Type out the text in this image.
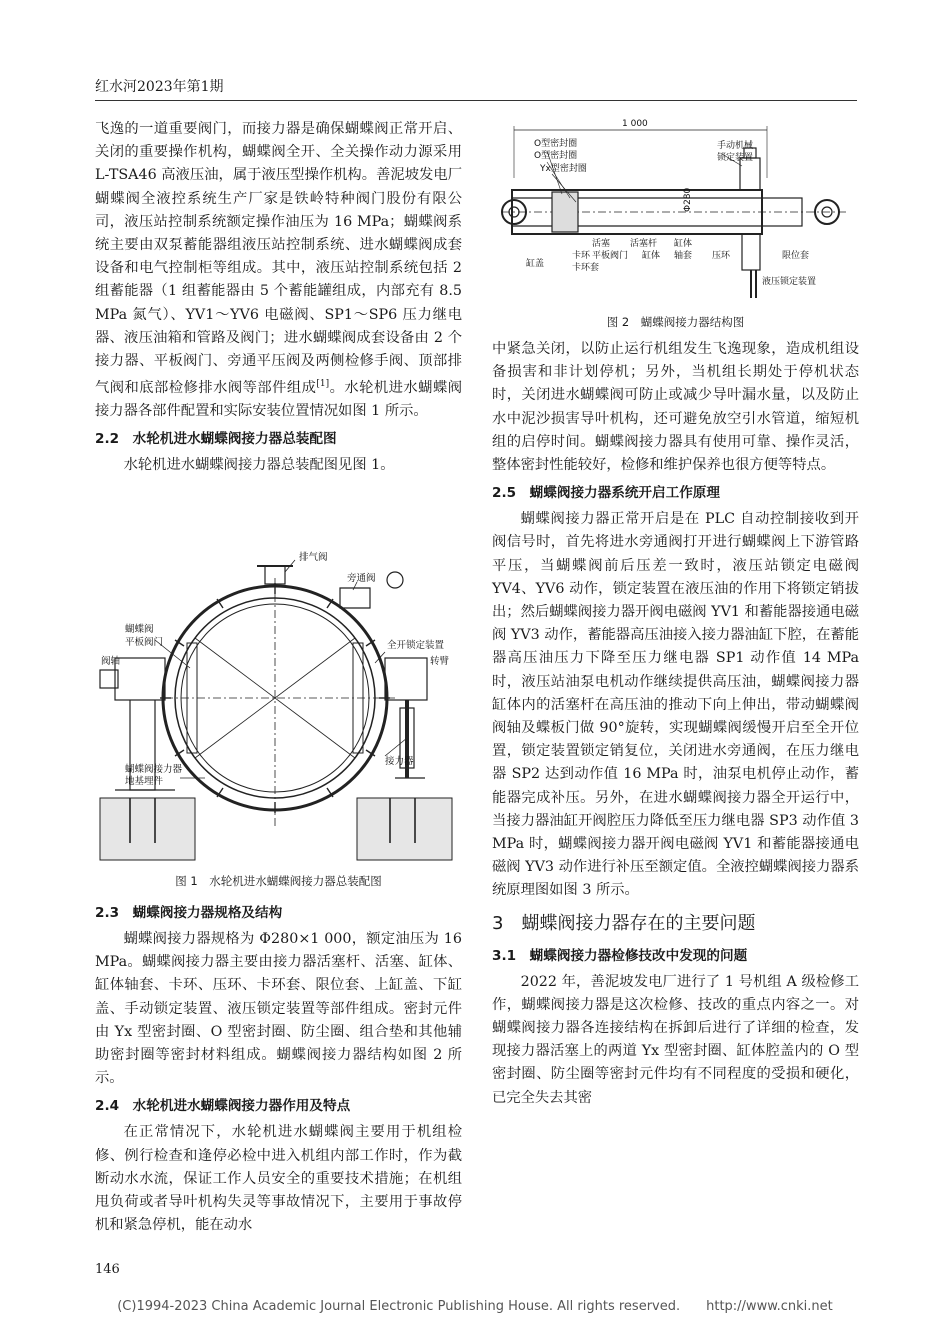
红水河2023年第1期

飞逸的一道重要阀门，而接力器是确保蝴蝶阀正常开启、关闭的重要操作机构，蝴蝶阀全开、全关操作动力源采用 L-TSA46 高液压油，属于液压型操作机构。善泥坡发电厂蝴蝶阀全液控系统生产厂家是铁岭特种阀门股份有限公司，液压站控制系统额定操作油压为 16 MPa；蝴蝶阀系统主要由双泵蓄能器组液压站控制系统、进水蝴蝶阀成套设备和电气控制柜等组成。其中，液压站控制系统包括 2 组蓄能器（1 组蓄能器由 5 个蓄能罐组成，内部充有 8.5 MPa 氮气）、YV1～YV6 电磁阀、SP1～SP6 压力继电器、液压油箱和管路及阀门；进水蝴蝶阀成套设备由 2 个接力器、平板阀门、旁通平压阀及两侧检修手阀、顶部排气阀和底部检修排水阀等部件组成[1]。水轮机进水蝴蝶阀接力器各部件配置和实际安装位置情况如图 1 所示。

2.2　水轮机进水蝴蝶阀接力器总装配图

水轮机进水蝴蝶阀接力器总装配图见图 1。

排气阀
旁通阀
蝴蝶阀
平板阀门
阀轴
全开锁定装置
转臂
接力器
蝴蝶阀接力器
地基埋件
图 1　水轮机进水蝴蝶阀接力器总装配图
2.3　蝴蝶阀接力器规格及结构

蝴蝶阀接力器规格为 Φ280×1 000，额定油压为 16 MPa。蝴蝶阀接力器主要由接力器活塞杆、活塞、缸体、缸体轴套、卡环、压环、卡环套、限位套、上缸盖、下缸盖、手动锁定装置、液压锁定装置等部件组成。密封元件由 Yx 型密封圈、O 型密封圈、防尘圈、组合垫和其他辅助密封圈等密封材料组成。蝴蝶阀接力器结构如图 2 所示。

2.4　水轮机进水蝴蝶阀接力器作用及特点

在正常情况下，水轮机进水蝴蝶阀主要用于机组检修、例行检查和逢停必检中进入机组内部工作时，作为截断动水水流，保证工作人员安全的重要技术措施；在机组甩负荷或者导叶机构失灵等事故情况下，主要用于事故停机和紧急停机，能在动水

1 000
O型密封圈
O型密封圈
Yx型密封圈
手动机械
锁定装置
Φ280
活塞 活塞杆 缸体
轴套
平板阀门
缸盖
卡环
卡环套
缸体	压环	限位套
液压锁定装置
图 2　蝴蝶阀接力器结构图

中紧急关闭，以防止运行机组发生飞逸现象，造成机组设备损害和非计划停机；另外，当机组长期处于停机状态时，关闭进水蝴蝶阀可防止或减少导叶漏水量，以及防止水中泥沙损害导叶机构，还可避免放空引水管道，缩短机组的启停时间。蝴蝶阀接力器具有使用可靠、操作灵活，整体密封性能较好，检修和维护保养也很方便等特点。

2.5　蝴蝶阀接力器系统开启工作原理

蝴蝶阀接力器正常开启是在 PLC 自动控制接收到开阀信号时，首先将进水旁通阀打开进行蝴蝶阀上下游管路平压，当蝴蝶阀前后压差一致时，液压站锁定电磁阀 YV4、YV6 动作，锁定装置在液压油的作用下将锁定销拔出；然后蝴蝶阀接力器开阀电磁阀 YV1 和蓄能器接通电磁阀 YV3 动作，蓄能器高压油接入接力器油缸下腔，在蓄能器高压油压力下降至压力继电器 SP1 动作值 14 MPa 时，液压站油泵电机动作继续提供高压油，蝴蝶阀接力器缸体内的活塞杆在高压油的推动下向上伸出，带动蝴蝶阀阀轴及蝶板门做 90°旋转，实现蝴蝶阀缓慢开启至全开位置，锁定装置锁定销复位，关闭进水旁通阀，在压力继电器 SP2 达到动作值 16 MPa 时，油泵电机停止动作，蓄能器完成补压。另外，在进水蝴蝶阀接力器全开运行中，当接力器油缸开阀腔压力降低至压力继电器 SP3 动作值 3 MPa 时，蝴蝶阀接力器开阀电磁阀 YV1 和蓄能器接通电磁阀 YV3 动作进行补压至额定值。全液控蝴蝶阀接力器系统原理图如图 3 所示。

3　蝴蝶阀接力器存在的主要问题
3.1　蝴蝶阀接力器检修技改中发现的问题

2022 年，善泥坡发电厂进行了 1 号机组 A 级检修工作，蝴蝶阀接力器是这次检修、技改的重点内容之一。对蝴蝶阀接力器各连接结构在拆卸后进行了详细的检查，发现接力器活塞上的两道 Yx 型密封圈、缸体腔盖内的 O 型密封圈、防尘圈等密封元件均有不同程度的受损和硬化，已完全失去其密

146
(C)1994-2023 China Academic Journal Electronic Publishing House. All rights reserved.　　http://www.cnki.net
